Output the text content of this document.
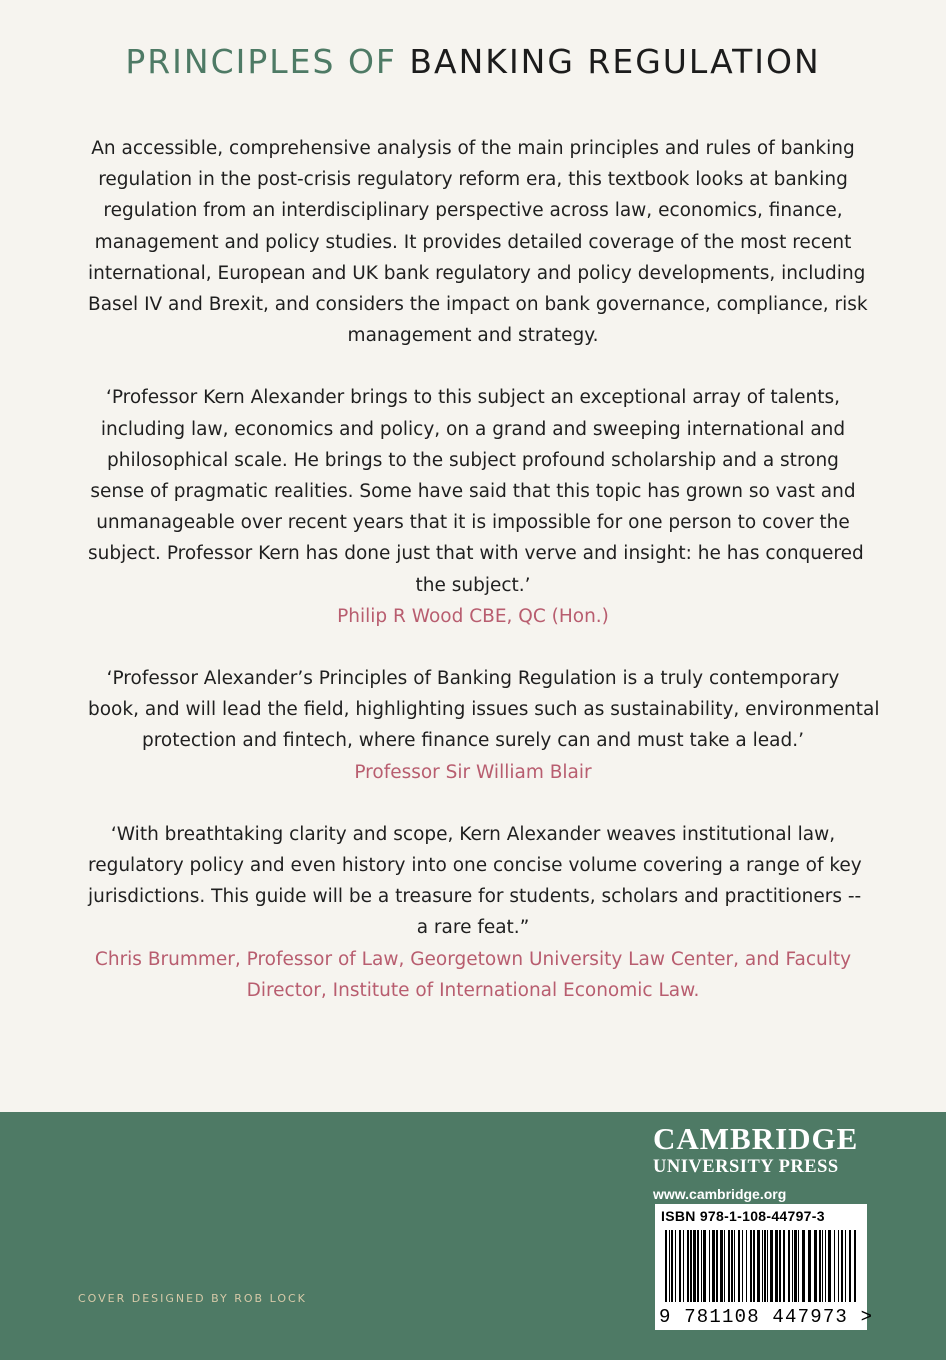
PRINCIPLES OF BANKING REGULATION

An accessible, comprehensive analysis of the main principles and rules of banking
regulation in the post-crisis regulatory reform era, this textbook looks at banking
regulation from an interdisciplinary perspective across law, economics, finance,
management and policy studies. It provides detailed coverage of the most recent
international, European and UK bank regulatory and policy developments, including
Basel IV and Brexit, and considers the impact on bank governance, compliance, risk
management and strategy.

‘Professor Kern Alexander brings to this subject an exceptional array of talents,
including law, economics and policy, on a grand and sweeping international and
philosophical scale. He brings to the subject profound scholarship and a strong
sense of pragmatic realities. Some have said that this topic has grown so vast and
unmanageable over recent years that it is impossible for one person to cover the
subject. Professor Kern has done just that with verve and insight: he has conquered
the subject.’

Philip R Wood CBE, QC (Hon.)

‘Professor Alexander’s Principles of Banking Regulation is a truly contemporary
book, and will lead the field, highlighting issues such as sustainability, environmental
protection and fintech, where finance surely can and must take a lead.’

Professor Sir William Blair

‘With breathtaking clarity and scope, Kern Alexander weaves institutional law,
regulatory policy and even history into one concise volume covering a range of key
jurisdictions. This guide will be a treasure for students, scholars and practitioners --
a rare feat.”

Chris Brummer, Professor of Law, Georgetown University Law Center, and Faculty
Director, Institute of International Economic Law.
COVER DESIGNED BY ROB LOCK
CAMBRIDGE
UNIVERSITY PRESS
www.cambridge.org
ISBN 978-1-108-44797-3
9 781108 447973 >
